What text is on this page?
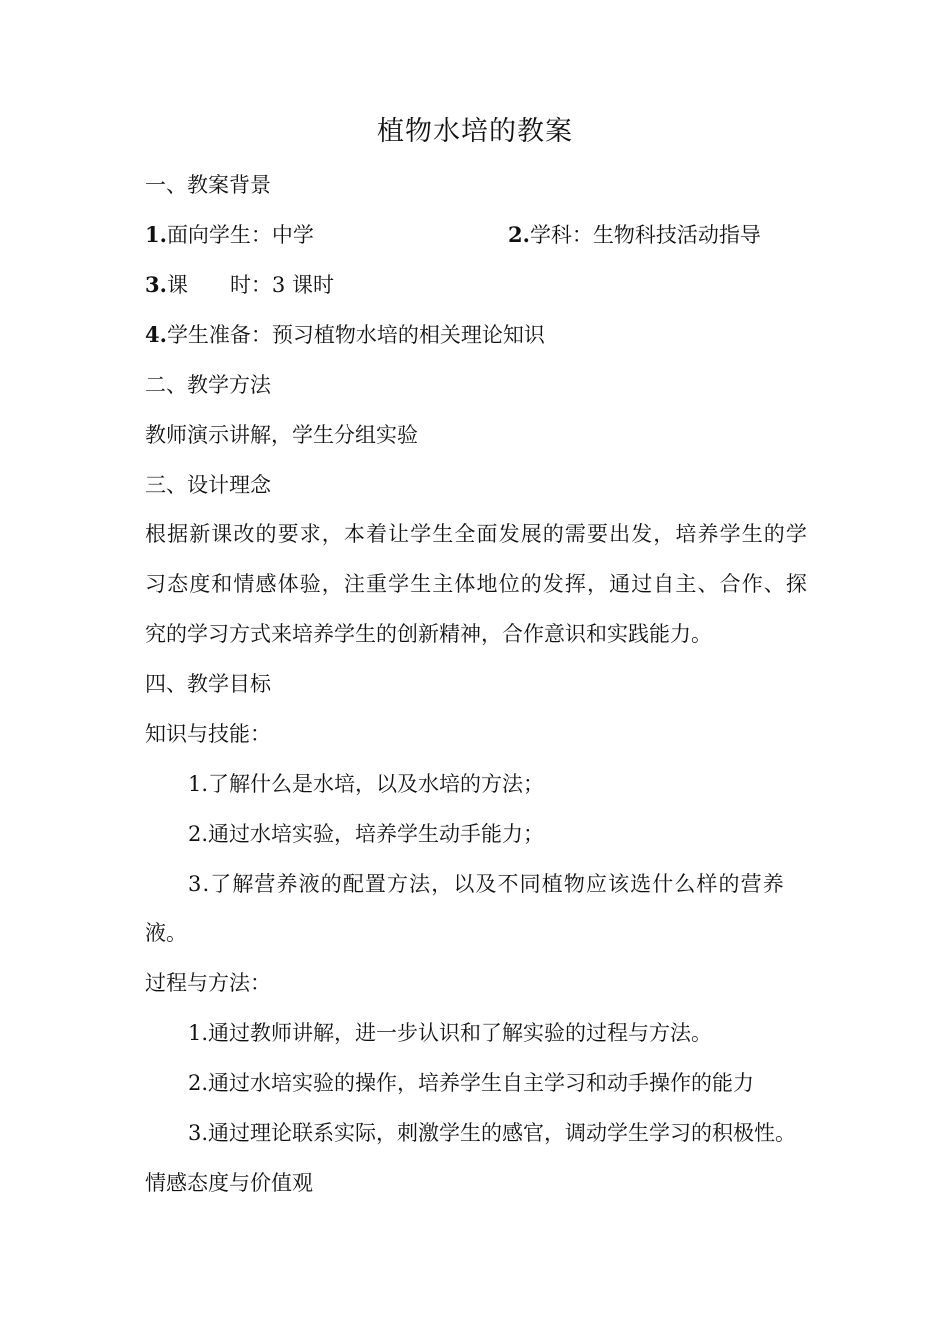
植物水培的教案
一、教案背景
1.面向学生：中学	2.学科：生物科技活动指导
3.课 时：3 课时
4.学生准备：预习植物水培的相关理论知识
二、教学方法
教师演示讲解，学生分组实验
三、设计理念
根据新课改的要求，本着让学生全面发展的需要出发，培养学生的学
习态度和情感体验，注重学生主体地位的发挥，通过自主、合作、探
究的学习方式来培养学生的创新精神，合作意识和实践能力。
四、教学目标
知识与技能：
1.了解什么是水培，以及水培的方法；
2.通过水培实验，培养学生动手能力；
3.了解营养液的配置方法，以及不同植物应该选什么样的营养
液。
过程与方法：
1.通过教师讲解，进一步认识和了解实验的过程与方法。
2.通过水培实验的操作，培养学生自主学习和动手操作的能力
3.通过理论联系实际，刺激学生的感官，调动学生学习的积极性。
情感态度与价值观
